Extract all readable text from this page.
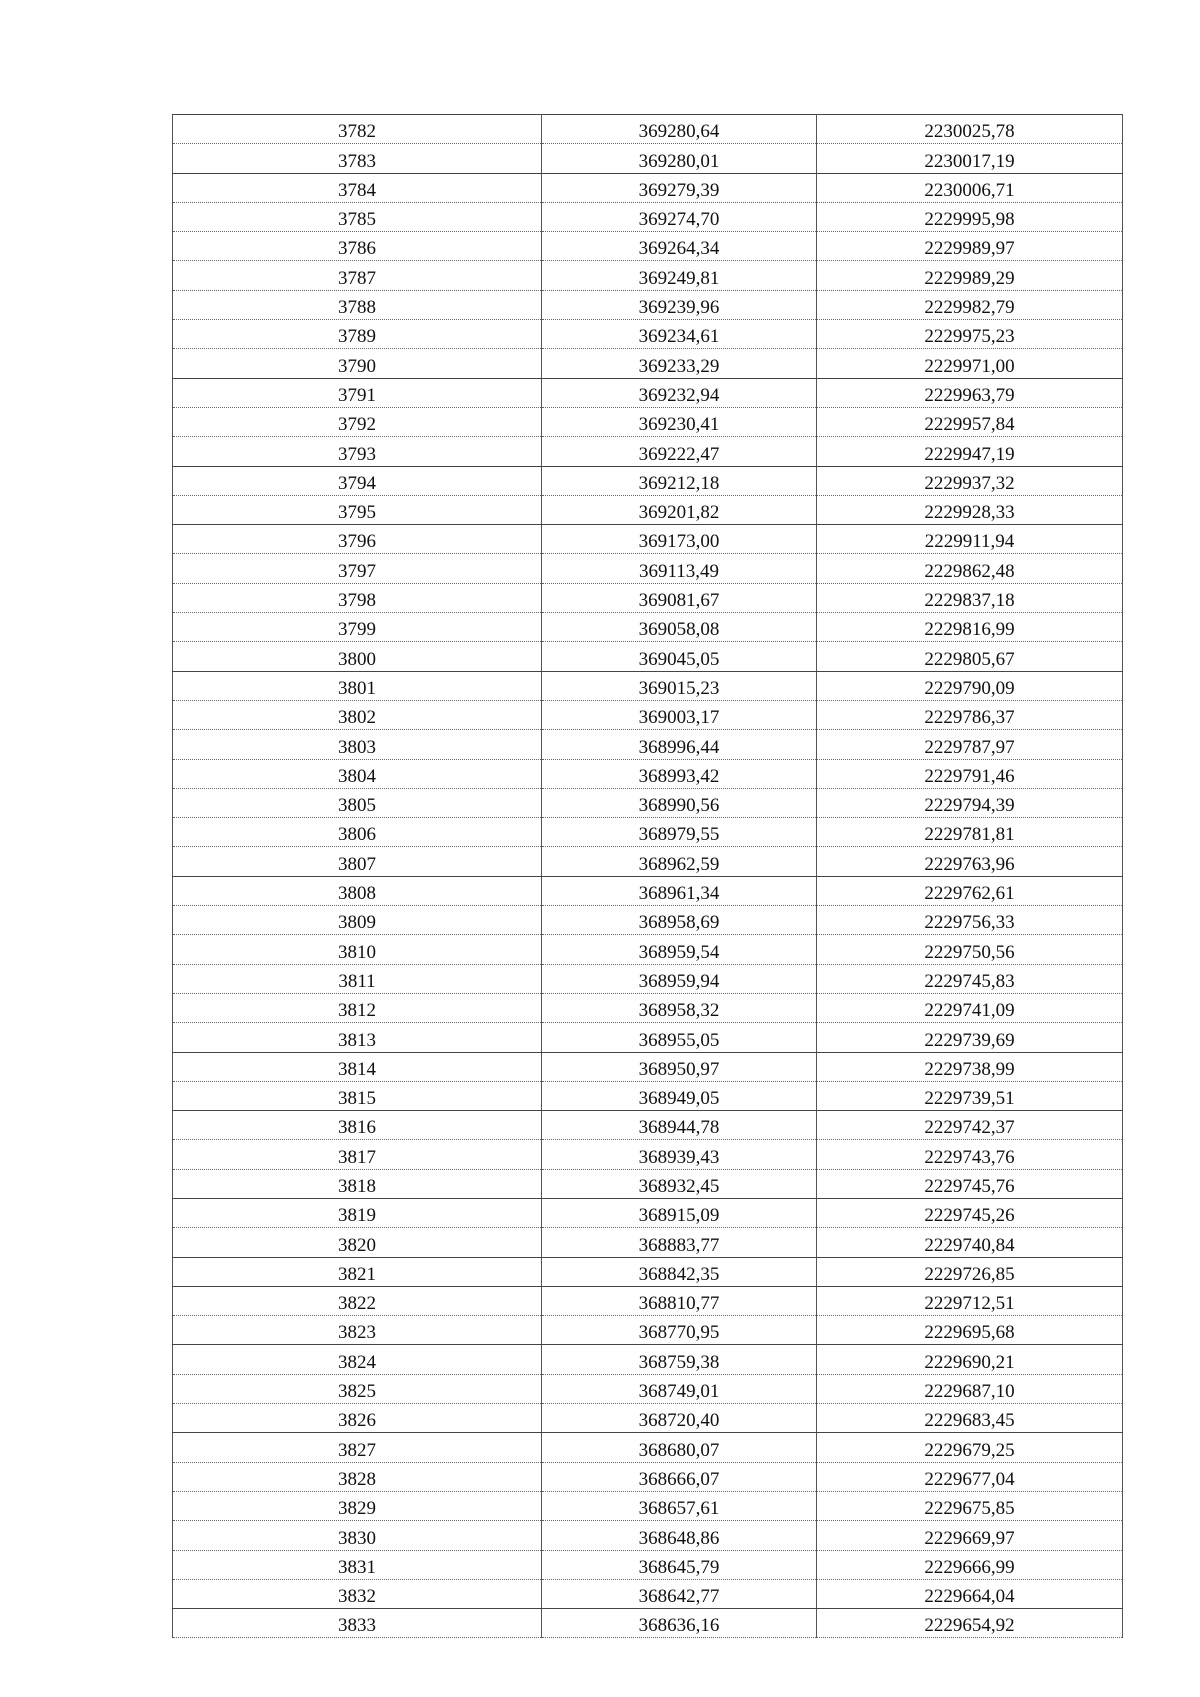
3782	369280,64	2230025,78
3783	369280,01	2230017,19
3784	369279,39	2230006,71
3785	369274,70	2229995,98
3786	369264,34	2229989,97
3787	369249,81	2229989,29
3788	369239,96	2229982,79
3789	369234,61	2229975,23
3790	369233,29	2229971,00
3791	369232,94	2229963,79
3792	369230,41	2229957,84
3793	369222,47	2229947,19
3794	369212,18	2229937,32
3795	369201,82	2229928,33
3796	369173,00	2229911,94
3797	369113,49	2229862,48
3798	369081,67	2229837,18
3799	369058,08	2229816,99
3800	369045,05	2229805,67
3801	369015,23	2229790,09
3802	369003,17	2229786,37
3803	368996,44	2229787,97
3804	368993,42	2229791,46
3805	368990,56	2229794,39
3806	368979,55	2229781,81
3807	368962,59	2229763,96
3808	368961,34	2229762,61
3809	368958,69	2229756,33
3810	368959,54	2229750,56
3811	368959,94	2229745,83
3812	368958,32	2229741,09
3813	368955,05	2229739,69
3814	368950,97	2229738,99
3815	368949,05	2229739,51
3816	368944,78	2229742,37
3817	368939,43	2229743,76
3818	368932,45	2229745,76
3819	368915,09	2229745,26
3820	368883,77	2229740,84
3821	368842,35	2229726,85
3822	368810,77	2229712,51
3823	368770,95	2229695,68
3824	368759,38	2229690,21
3825	368749,01	2229687,10
3826	368720,40	2229683,45
3827	368680,07	2229679,25
3828	368666,07	2229677,04
3829	368657,61	2229675,85
3830	368648,86	2229669,97
3831	368645,79	2229666,99
3832	368642,77	2229664,04
3833	368636,16	2229654,92
